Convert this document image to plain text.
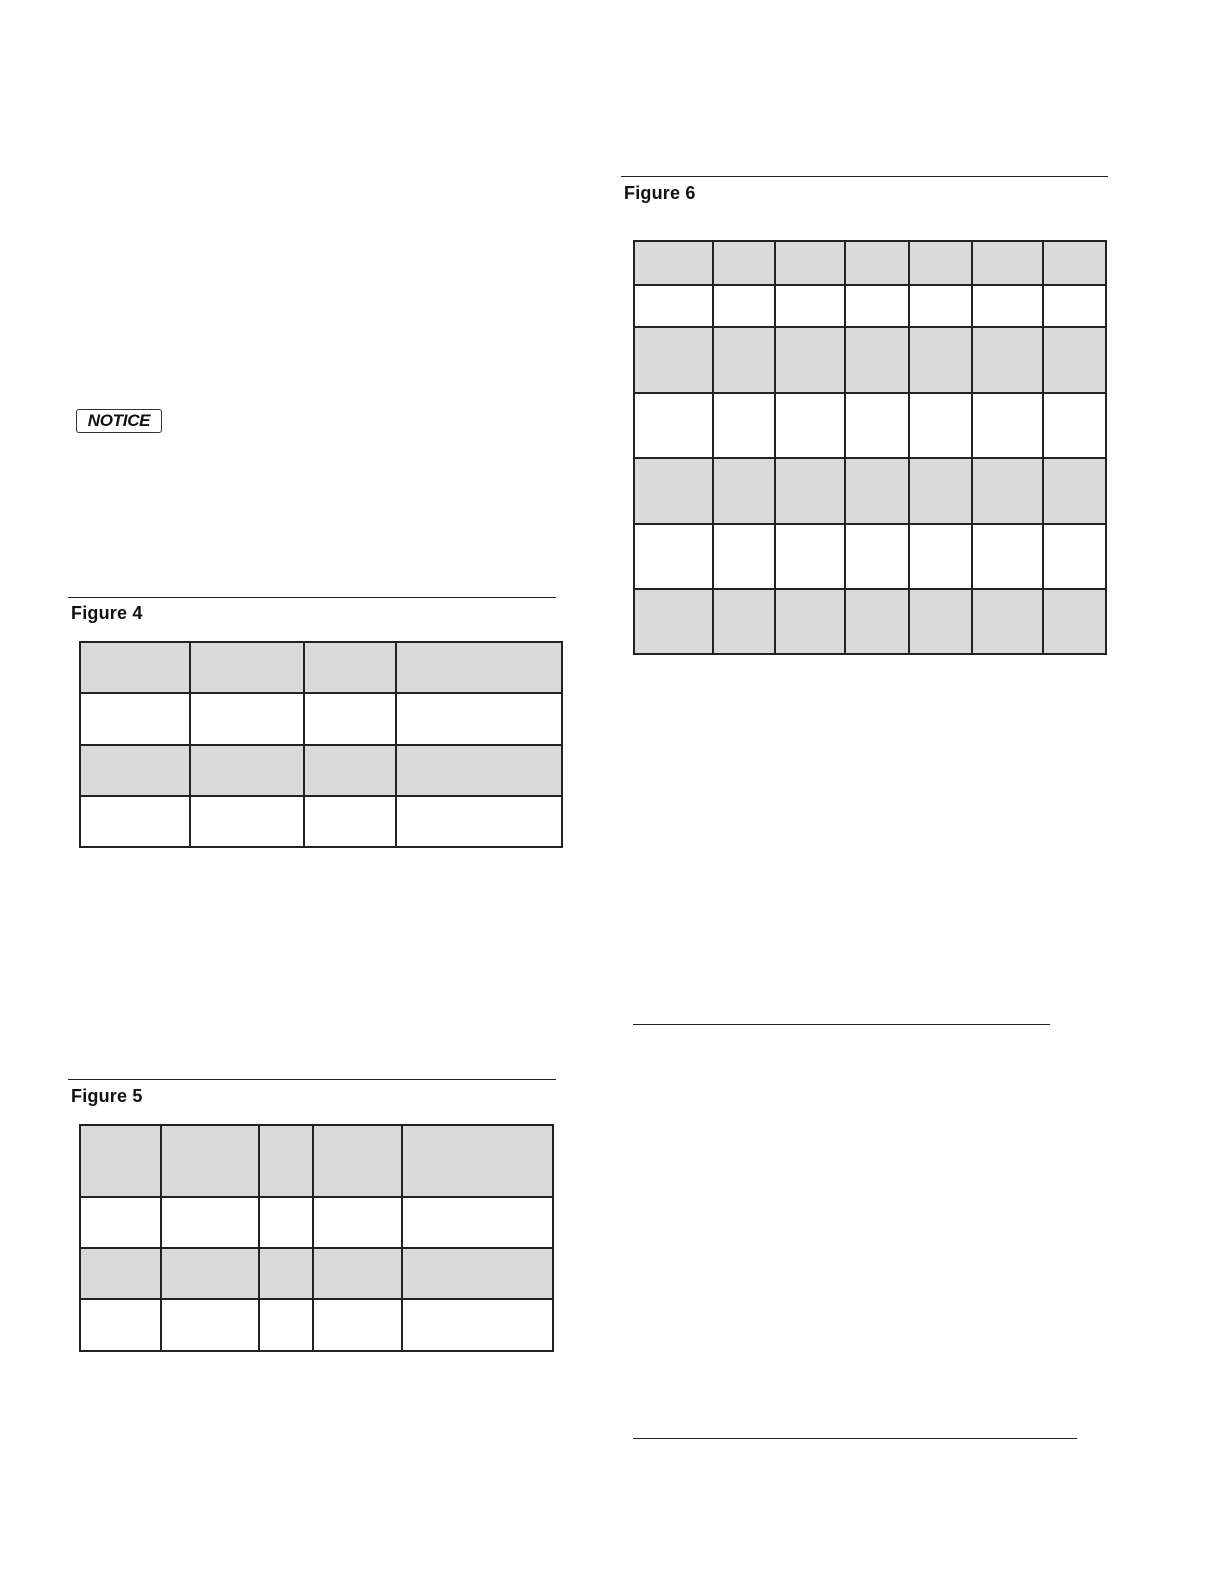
NOTICE
Figure 4

Figure 5

Figure 6
